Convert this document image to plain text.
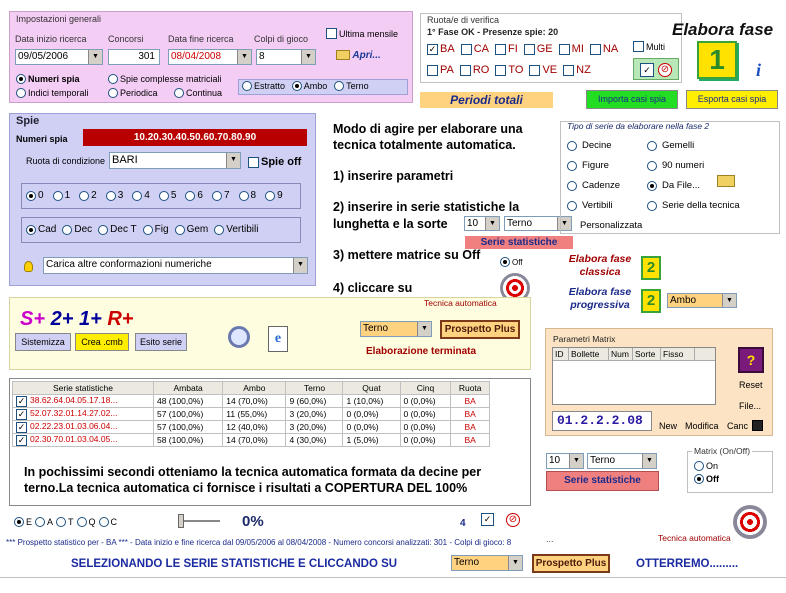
Impostazioni generali
Data inizio ricerca
09/05/2006	▼
Concorsi
301
Data fine ricerca
08/04/2008	▼
Colpi di gioco
8	▼
Ultima mensile
Apri...
Numeri spia	Spie complesse matriciali
Indici temporali	Periodica	Continua
Estratto Ambo Terno
Ruota/e di verifica
1° Fase OK - Presenze spie: 20
✓ BA CA FI GE MI NA
PA RO TO VE NZ
Multi
✓	⊘
Elabora fase
1	i
Periodi totali	Importa casi spia	Esporta casi spia
Spie
Numeri spia	10.20.30.40.50.60.70.80.90
Ruota di condizione BARI	▼	Spie off
0 1 2 3 4 5 6 7 8 9
Cad Dec Dec T Fig Gem Vertibili
Carica altre conformazioni numeriche	▼
Modo di agire per elaborare una tecnica totalmente automatica.
1) inserire parametri
2) inserire in serie statistiche la lunghetta e la sorte	10	▼	Terno	▼
Serie statistiche
3) mettere matrice su Off
Off
4) cliccare su
Tipo di serie da elaborare nella fase 2
Decine
Figure
Cadenze
Vertibili
Gemelli
90 numeri
Da File...
Serie della tecnica
Personalizzata
Elabora fase
classica	2
Elabora fase
progressiva	2	Ambo	▼
S+ 2+ 1+ R+
Sistemizza	Crea .cmb	Esito serie	e
Tecnica automatica
Terno	▼	Prospetto Plus
Elaborazione terminata
Parametri Matrix
ID Bollette Num Sorte Fisso	?
Reset
File...
01.2.2.2.08	New Modifica Canc
Serie statistiche	Ambata	Ambo	Terno	Quat	Cinq	Ruota
✓ 38.62.64.04.05.17.18...	48 (100,0%)	14 (70,0%)	9 (60,0%)	1 (10,0%)	0 (0,0%)	BA
✓ 52.07.32.01.14.27.02...	57 (100,0%)	11 (55,0%)	3 (20,0%)	0 (0,0%)	0 (0,0%)	BA
✓ 02.22.23.01.03.06.04...	57 (100,0%)	12 (40,0%)	3 (20,0%)	0 (0,0%)	0 (0,0%)	BA
✓ 02.30.70.01.03.04.05...	58 (100,0%)	14 (70,0%)	4 (30,0%)	1 (5,0%)	0 (0,0%)	BA
In pochissimi secondi otteniamo la tecnica automatica formata da decine per terno.La tecnica automatica ci fornisce i risultati a COPERTURA DEL 100%
E A T Q C	0%	4	✓ ⊘
*** Prospetto statistico per - BA *** - Data inizio e fine ricerca dal 09/05/2006 al 08/04/2008 - Numero concorsi analizzati: 301 - Colpi di gioco: 8
10	▼	Terno	▼
Serie statistiche
Matrix (On/Off)
On
Off
Tecnica automatica
...
SELEZIONANDO LE SERIE STATISTICHE E CLICCANDO SU	Terno	▼	Prospetto Plus	OTTERREMO.........
